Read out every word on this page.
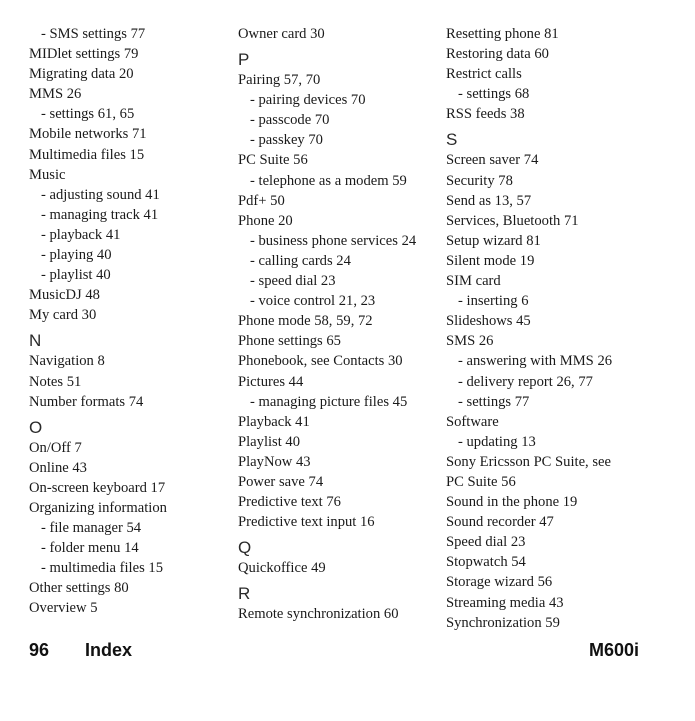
- SMS settings 77
MIDlet settings 79
Migrating data 20
MMS 26
- settings 61, 65
Mobile networks 71
Multimedia files 15
Music
- adjusting sound 41
- managing track 41
- playback 41
- playing 40
- playlist 40
MusicDJ 48
My card 30
N
Navigation 8
Notes 51
Number formats 74
O
On/Off 7
Online 43
On-screen keyboard 17
Organizing information
- file manager 54
- folder menu 14
- multimedia files 15
Other settings 80
Overview 5
Owner card 30
P
Pairing 57, 70
- pairing devices 70
- passcode 70
- passkey 70
PC Suite 56
- telephone as a modem 59
Pdf+ 50
Phone 20
- business phone services 24
- calling cards 24
- speed dial 23
- voice control 21, 23
Phone mode 58, 59, 72
Phone settings 65
Phonebook, see Contacts 30
Pictures 44
- managing picture files 45
Playback 41
Playlist 40
PlayNow 43
Power save 74
Predictive text 76
Predictive text input 16
Q
Quickoffice 49
R
Remote synchronization 60
Resetting phone 81
Restoring data 60
Restrict calls
- settings 68
RSS feeds 38
S
Screen saver 74
Security 78
Send as 13, 57
Services, Bluetooth 71
Setup wizard 81
Silent mode 19
SIM card
- inserting 6
Slideshows 45
SMS 26
- answering with MMS 26
- delivery report 26, 77
- settings 77
Software
- updating 13
Sony Ericsson PC Suite, see
PC Suite 56
Sound in the phone 19
Sound recorder 47
Speed dial 23
Stopwatch 54
Storage wizard 56
Streaming media 43
Synchronization 59
96 Index	M600i
